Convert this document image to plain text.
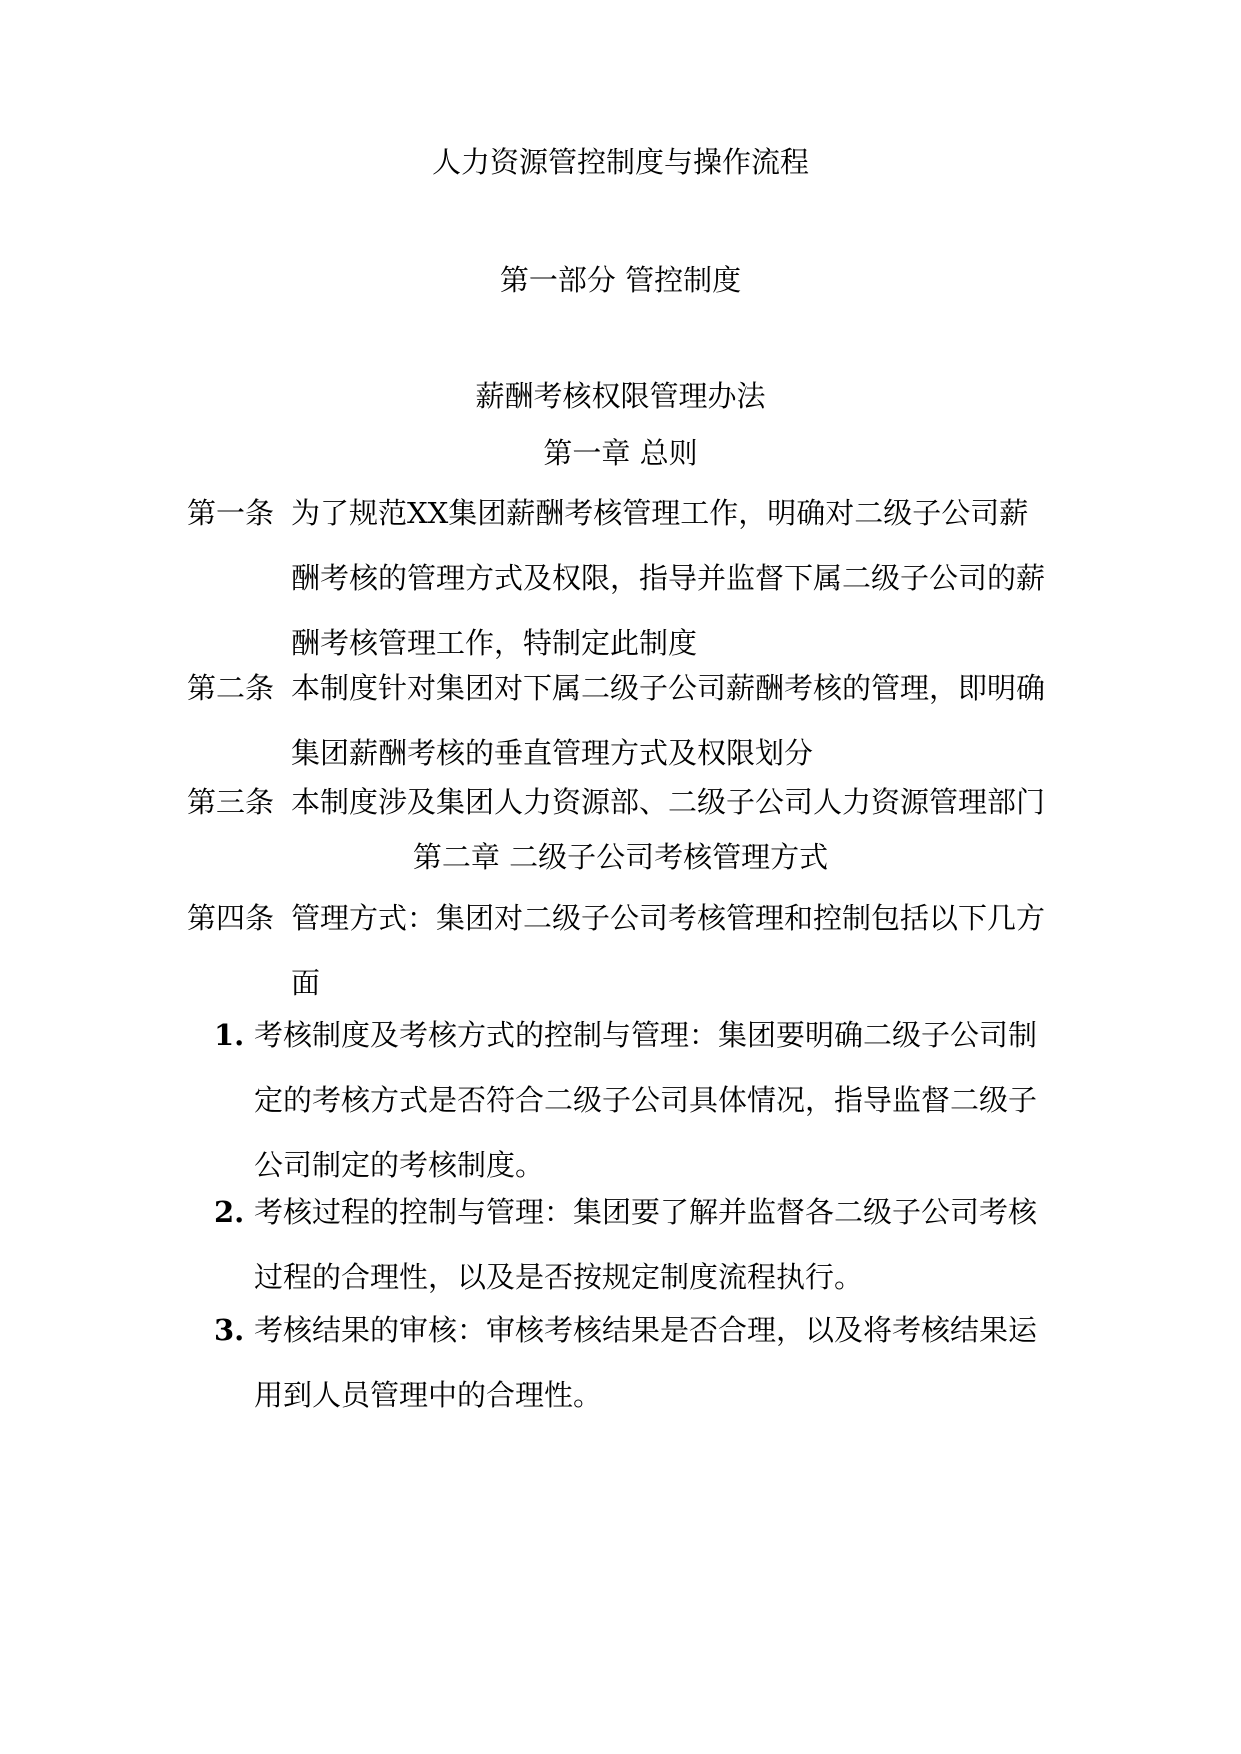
人力资源管控制度与操作流程
第一部分 管控制度
薪酬考核权限管理办法
第一章 总则
第一条 为了规范XX集团薪酬考核管理工作，明确对二级子公司薪
酬考核的管理方式及权限，指导并监督下属二级子公司的薪
酬考核管理工作，特制定此制度
第二条 本制度针对集团对下属二级子公司薪酬考核的管理，即明确
集团薪酬考核的垂直管理方式及权限划分
第三条 本制度涉及集团人力资源部、二级子公司人力资源管理部门
第二章 二级子公司考核管理方式
第四条 管理方式：集团对二级子公司考核管理和控制包括以下几方
面
1. 考核制度及考核方式的控制与管理：集团要明确二级子公司制
定的考核方式是否符合二级子公司具体情况，指导监督二级子
公司制定的考核制度。
2. 考核过程的控制与管理：集团要了解并监督各二级子公司考核
过程的合理性，以及是否按规定制度流程执行。
3. 考核结果的审核：审核考核结果是否合理，以及将考核结果运
用到人员管理中的合理性。
